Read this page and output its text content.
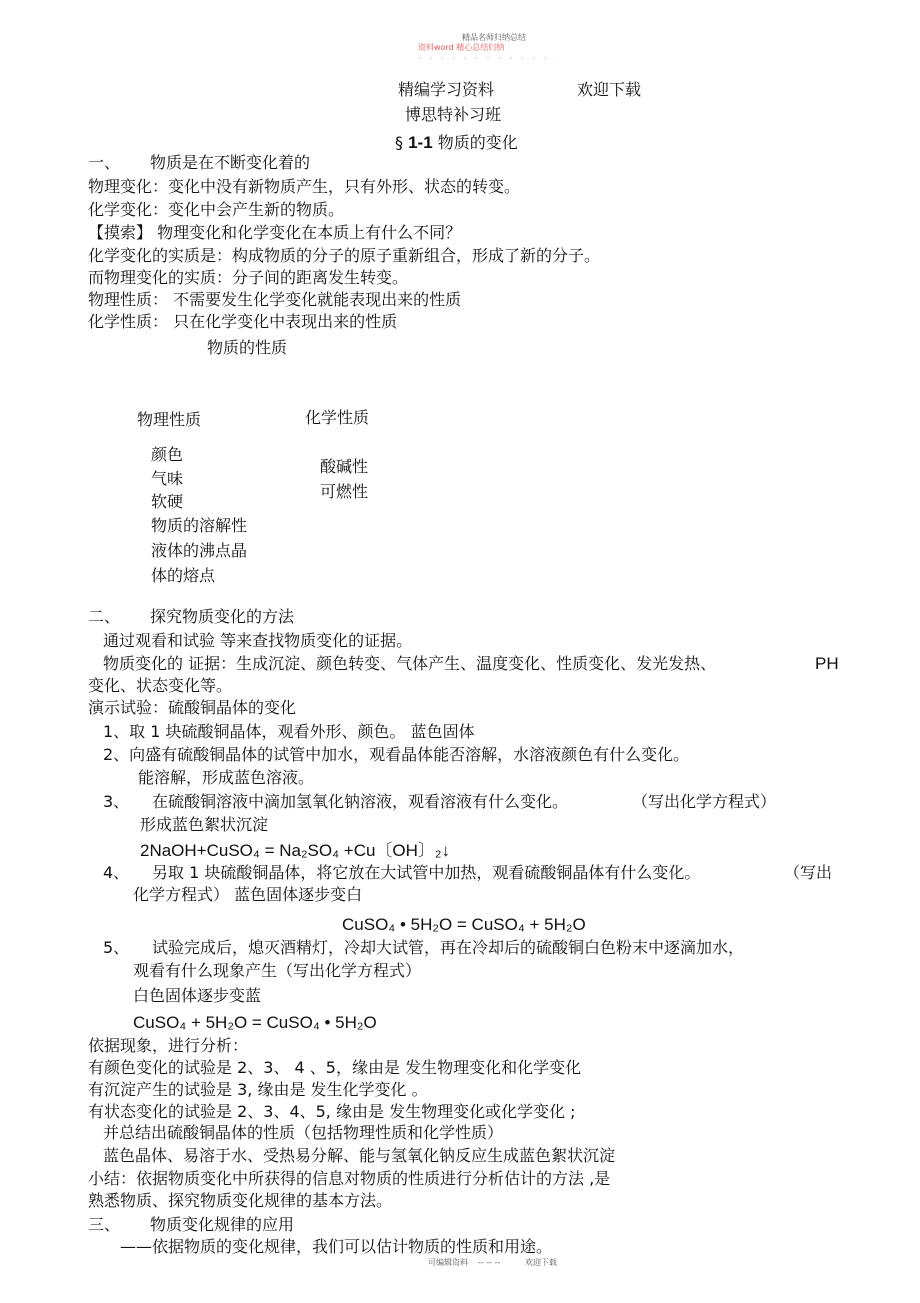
精品名师归纳总结
资料word 精心总结归纳
- - - - - - - - - - - -
精编学习资料	欢迎下载
博思特补习班
§ 1-1 物质的变化
一、 物质是在不断变化着的
物理变化：变化中没有新物质产生，只有外形、状态的转变。
化学变化：变化中会产生新的物质。
【摸索】 物理变化和化学变化在本质上有什么不同？
化学变化的实质是：构成物质的分子的原子重新组合，形成了新的分子。
而物理变化的实质：分子间的距离发生转变。
物理性质： 不需要发生化学变化就能表现出来的性质
化学性质： 只在化学变化中表现出来的性质
物质的性质
物理性质	化学性质
颜色
气味
软硬
物质的溶解性
液体的沸点晶
体的熔点
酸碱性
可燃性
二、 探究物质变化的方法
通过观看和试验 等来查找物质变化的证据。
物质变化的 证据：生成沉淀、颜色转变、气体产生、温度变化、性质变化、发光发热、	PH
变化、状态变化等。
演示试验：硫酸铜晶体的变化
1、取 1 块硫酸铜晶体，观看外形、颜色。 蓝色固体
2、向盛有硫酸铜晶体的试管中加水，观看晶体能否溶解，水溶液颜色有什么变化。
能溶解，形成蓝色溶液。
3、 在硫酸铜溶液中滴加氢氧化钠溶液，观看溶液有什么变化。	（写出化学方程式）
形成蓝色絮状沉淀
2NaOH+CuSO₄ = Na₂SO₄ +Cu〔OH〕₂↓
4、 另取 1 块硫酸铜晶体，将它放在大试管中加热，观看硫酸铜晶体有什么变化。	（写出
化学方程式） 蓝色固体逐步变白
CuSO₄ • 5H₂O = CuSO₄ + 5H₂O
5、 试验完成后，熄灭酒精灯，冷却大试管，再在冷却后的硫酸铜白色粉末中逐滴加水，
观看有什么现象产生（写出化学方程式）
白色固体逐步变蓝
CuSO₄ + 5H₂O = CuSO₄ • 5H₂O
依据现象，进行分析：
有颜色变化的试验是 2、3、 4 、5，缘由是 发生物理变化和化学变化
有沉淀产生的试验是 3, 缘由是 发生化学变化 。
有状态变化的试验是 2、3、4、5, 缘由是 发生物理变化或化学变化 ;
并总结出硫酸铜晶体的性质（包括物理性质和化学性质）
蓝色晶体、易溶于水、受热易分解、能与氢氧化钠反应生成蓝色絮状沉淀
小结：依据物质变化中所获得的信息对物质的性质进行分析估计的方法 ,是
熟悉物质、探究物质变化规律的基本方法。
三、 物质变化规律的应用
——依据物质的变化规律，我们可以估计物质的性质和用途。
可编辑资料 -- -- --	欢迎下载
